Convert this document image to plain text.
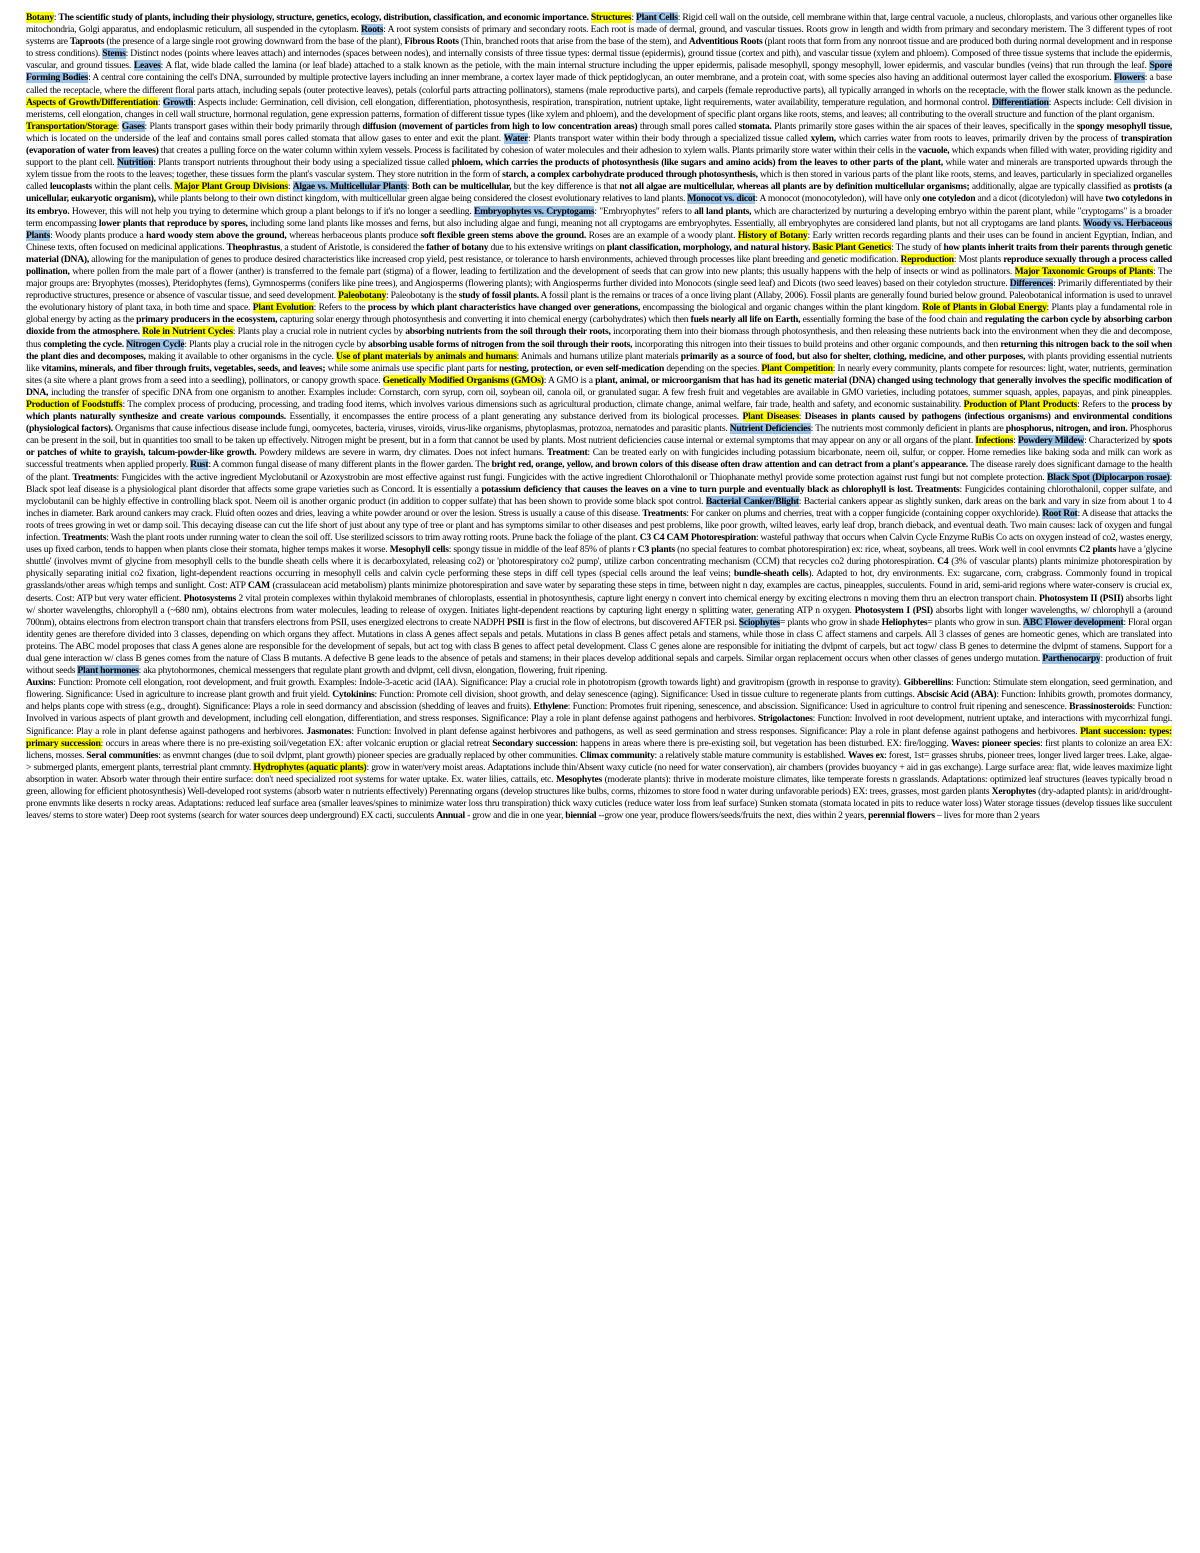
Botany: The scientific study of plants, including their physiology, structure, genetics, ecology, distribution, classification, and economic importance. Structures: Plant Cells: Rigid cell wall on the outside, cell membrane within that, large central vacuole, a nucleus, chloroplasts, and various other organelles like mitochondria, Golgi apparatus, and endoplasmic reticulum, all suspended in the cytoplasm. Roots: A root system consists of primary and secondary roots. Each root is made of dermal, ground, and vascular tissues. Roots grow in length and width from primary and secondary meristem. The 3 different types of root systems are Taproots (the presence of a large single root growing downward from the base of the plant), Fibrous Roots (Thin, branched roots that arise from the base of the stem), and Adventitious Roots (plant roots that form from any nonroot tissue and are produced both during normal development and in response to stress conditions). Stems: Distinct nodes (points where leaves attach) and internodes (spaces between nodes), and internally consists of three tissue types: dermal tissue (epidermis), ground tissue (cortex and pith), and vascular tissue (xylem and phloem). Composed of three tissue systems that include the epidermis, vascular, and ground tissues. Leaves: A flat, wide blade called the lamina (or leaf blade) attached to a stalk known as the petiole, with the main internal structure including the upper epidermis, palisade mesophyll, spongy mesophyll, lower epidermis, and vascular bundles (veins) that run through the leaf. Spore Forming Bodies: A central core containing the cell's DNA, surrounded by multiple protective layers including an inner membrane, a cortex layer made of thick peptidoglycan, an outer membrane, and a protein coat, with some species also having an additional outermost layer called the exosporium. Flowers: a base called the receptacle, where the different floral parts attach, including sepals (outer protective leaves), petals (colorful parts attracting pollinators), stamens (male reproductive parts), and carpels (female reproductive parts), all typically arranged in whorls on the receptacle, with the flower stalk known as the peduncle. Aspects of Growth/Differentiation: Growth: Aspects include: Germination, cell division, cell elongation, differentiation, photosynthesis, respiration, transpiration, nutrient uptake, light requirements, water availability, temperature regulation, and hormonal control. Differentiation: Aspects include: Cell division in meristems, cell elongation, changes in cell wall structure, hormonal regulation, gene expression patterns, formation of different tissue types (like xylem and phloem), and the development of specific plant organs like roots, stems, and leaves; all contributing to the overall structure and function of the plant organism.

Transportation/Storage: Gases: Plants transport gases within their body primarily through diffusion (movement of particles from high to low concentration areas) through small pores called stomata. Plants primarily store gases within the air spaces of their leaves, specifically in the spongy mesophyll tissue, which is located on the underside of the leaf and contains small pores called stomata that allow gases to enter and exit the plant. Water: Plants transport water within their body through a specialized tissue called xylem, which carries water from roots to leaves, primarily driven by the process of transpiration (evaporation of water from leaves) that creates a pulling force on the water column within xylem vessels. Process is facilitated by cohesion of water molecules and their adhesion to xylem walls. Plants primarily store water within their cells in the vacuole, which expands when filled with water, providing rigidity and support to the plant cell. Nutrition: Plants transport nutrients throughout their body using a specialized tissue called phloem, which carries the products of photosynthesis (like sugars and amino acids) from the leaves to other parts of the plant, while water and minerals are transported upwards through the xylem tissue from the roots to the leaves; together, these tissues form the plant's vascular system. They store nutrition in the form of starch, a complex carbohydrate produced through photosynthesis, which is then stored in various parts of the plant like roots, stems, and leaves, particularly in specialized organelles called leucoplasts within the plant cells. Major Plant Group Divisions: Algae vs. Multicellular Plants: Both can be multicellular, but the key difference is that not all algae are multicellular, whereas all plants are by definition multicellular organisms; additionally, algae are typically classified as protists (a unicellular, eukaryotic organism), while plants belong to their own distinct kingdom, with multicellular green algae being considered the closest evolutionary relatives to land plants. Monocot vs. dicot: A monocot (monocotyledon), will have only one cotyledon and a dicot (dicotyledon) will have two cotyledons in its embryo. However, this will not help you trying to determine which group a plant belongs to if it's no longer a seedling. Embryophytes vs. Cryptogams: "Embryophytes" refers to all land plants, which are characterized by nurturing a developing embryo within the parent plant, while "cryptogams" is a broader term encompassing lower plants that reproduce by spores, including some land plants like mosses and ferns, but also including algae and fungi, meaning not all cryptogams are embryophytes. Essentially, all embryophytes are considered land plants, but not all cryptogams are land plants. Woody vs. Herbaceous Plants: Woody plants produce a hard woody stem above the ground, whereas herbaceous plants produce soft flexible green stems above the ground. Roses are an example of a woody plant. History of Botany: Early written records regarding plants and their uses can be found in ancient Egyptian, Indian, and Chinese texts, often focused on medicinal applications. Theophrastus, a student of Aristotle, is considered the father of botany due to his extensive writings on plant classification, morphology, and natural history. Basic Plant Genetics: The study of how plants inherit traits from their parents through genetic material (DNA), allowing for the manipulation of genes to produce desired characteristics like increased crop yield, pest resistance, or tolerance to harsh environments, achieved through processes like plant breeding and genetic modification. Reproduction: Most plants reproduce sexually through a process called pollination, where pollen from the male part of a flower (anther) is transferred to the female part (stigma) of a flower, leading to fertilization and the development of seeds that can grow into new plants; this usually happens with the help of insects or wind as pollinators. Major Taxonomic Groups of Plants: The major groups are: Bryophytes (mosses), Pteridophytes (ferns), Gymnosperms (conifers like pine trees), and Angiosperms (flowering plants); with Angiosperms further divided into Monocots (single seed leaf) and Dicots (two seed leaves) based on their cotyledon structure. Differences: Primarily differentiated by their reproductive structures, presence or absence of vascular tissue, and seed development. Paleobotany: Paleobotany is the study of fossil plants. A fossil plant is the remains or traces of a once living plant (Allaby, 2006). Fossil plants are generally found buried below ground. Paleobotanical information is used to unravel the evolutionary history of plant taxa, in both time and space. Plant Evolution: Refers to the process by which plant characteristics have changed over generations, encompassing the biological and organic changes within the plant kingdom. Role of Plants in Global Energy: Plants play a fundamental role in global energy by acting as the primary producers in the ecosystem, capturing solar energy through photosynthesis and converting it into chemical energy (carbohydrates) which then fuels nearly all life on Earth, essentially forming the base of the food chain and regulating the carbon cycle by absorbing carbon dioxide from the atmosphere. Role in Nutrient Cycles: Plants play a crucial role in nutrient cycles by absorbing nutrients from the soil through their roots, incorporating them into their biomass through photosynthesis, and then releasing these nutrients back into the environment when they die and decompose, thus completing the cycle. Nitrogen Cycle: Plants play a crucial role in the nitrogen cycle by absorbing usable forms of nitrogen from the soil through their roots, incorporating this nitrogen into their tissues to build proteins and other organic compounds, and then returning this nitrogen back to the soil when the plant dies and decomposes, making it available to other organisms in the cycle. Use of plant materials by animals and humans: Animals and humans utilize plant materials primarily as a source of food, but also for shelter, clothing, medicine, and other purposes, with plants providing essential nutrients like vitamins, minerals, and fiber through fruits, vegetables, seeds, and leaves; while some animals use specific plant parts for nesting, protection, or even self-medication depending on the species. Plant Competition: In nearly every community, plants compete for resources: light, water, nutrients, germination sites (a site where a plant grows from a seed into a seedling), pollinators, or canopy growth space. Genetically Modified Organisms (GMOs): A GMO is a plant, animal, or microorganism that has had its genetic material (DNA) changed using technology that generally involves the specific modification of DNA, including the transfer of specific DNA from one organism to another. Examples include: Cornstarch, corn syrup, corn oil, soybean oil, canola oil, or granulated sugar. A few fresh fruit and vegetables are available in GMO varieties, including potatoes, summer squash, apples, papayas, and pink pineapples. Production of Foodstuffs: The complex process of producing, processing, and trading food items, which involves various dimensions such as agricultural production, climate change, animal welfare, fair trade, health and safety, and economic sustainability. Production of Plant Products: Refers to the process by which plants naturally synthesize and create various compounds. Essentially, it encompasses the entire process of a plant generating any substance derived from its biological processes. Plant Diseases: Diseases in plants caused by pathogens (infectious organisms) and environmental conditions (physiological factors). Organisms that cause infectious disease include fungi, oomycetes, bacteria, viruses, viroids, virus-like organisms, phytoplasmas, protozoa, nematodes and parasitic plants. Nutrient Deficiencies: The nutrients most commonly deficient in plants are phosphorus, nitrogen, and iron. Phosphorus can be present in the soil, but in quantities too small to be taken up effectively. Nitrogen might be present, but in a form that cannot be used by plants. Most nutrient deficiencies cause internal or external symptoms that may appear on any or all organs of the plant. Infections: Powdery Mildew: Characterized by spots or patches of white to grayish, talcum-powder-like growth. Powdery mildews are severe in warm, dry climates. Does not infect humans. Treatment: Can be treated early on with fungicides including potassium bicarbonate, neem oil, sulfur, or copper. Home remedies like baking soda and milk can work as successful treatments when applied properly. Rust: A common fungal disease of many different plants in the flower garden. The bright red, orange, yellow, and brown colors of this disease often draw attention and can detract from a plant's appearance. The disease rarely does significant damage to the health of the plant. Treatments: Fungicides with the active ingredient Myclobutanil or Azoxystrobin are most effective against rust fungi. Fungicides with the active ingredient Chlorothalonil or Thiophanate methyl provide some protection against rust fungi but not complete protection. Black Spot (Diplocarpon rosae): Black spot leaf disease is a physiological plant disorder that affects some grape varieties such as Concord. It is essentially a potassium deficiency that causes the leaves on a vine to turn purple and eventually black as chlorophyll is lost. Treatments: Fungicides containing chlorothalonil, copper sulfate, and myclobutanil can be highly effective in controlling black spot. Neem oil is another organic product (in addition to copper sulfate) that has been shown to provide some black spot control. Bacterial Canker/Blight: Bacterial cankers appear as slightly sunken, dark areas on the bark and vary in size from about 1 to 4 inches in diameter. Bark around cankers may crack. Fluid often oozes and dries, leaving a white powder around or over the lesion. Stress is usually a cause of this disease. Treatments: For canker on plums and cherries, treat with a copper fungicide (containing copper oxychloride). Root Rot: A disease that attacks the roots of trees growing in wet or damp soil. This decaying disease can cut the life short of just about any type of tree or plant and has symptoms similar to other diseases and pest problems, like poor growth, wilted leaves, early leaf drop, branch dieback, and eventual death. Two main causes: lack of oxygen and fungal infection. Treatments: Wash the plant roots under running water to clean the soil off. Use sterilized scissors to trim away rotting roots. Prune back the foliage of the plant. C3 C4 CAM Photorespiration: wasteful pathway that occurs when Calvin Cycle Enzyme RuBis Co acts on oxygen instead of co2, wastes energy, uses up fixed carbon, tends to happen when plants close their stomata, higher temps makes it worse. Mesophyll cells: spongy tissue in middle of the leaf 85% of plants r C3 plants (no special features to combat photorespiration) ex: rice, wheat, soybeans, all trees. Work well in cool envmnts C2 plants have a 'glycine shuttle' (involves mvmt of glycine from mesophyll cells to the bundle sheath cells where it is decarboxylated, releasing co2) or 'photorespiratory co2 pump', utilize carbon concentrating mechanism (CCM) that recycles co2 during photorespiration. C4 (3% of vascular plants) plants minimize photorespiration by physically separating initial co2 fixation, light-dependent reactions occurring in mesophyll cells and calvin cycle performing these steps in diff cell types (special cells around the leaf veins; bundle-sheath cells). Adapted to hot, dry environments. Ex: sugarcane, corn, crabgrass. Commonly found in tropical grasslands/other areas w/high temps and sunlight. Cost: ATP CAM (crassulacean acid metabolism) plants minimize photorespiration and save water by separating these steps in time, between night n day, examples are cactus, pineapples, succulents. Found in arid, semi-arid regions where water-conserv is crucial ex, deserts. Cost: ATP but very water efficient. Photosystems 2 vital protein complexes within thylakoid membranes of chloroplasts, essential in photosynthesis, capture light energy n convert into chemical energy by exciting electrons n moving them thru an electron transport chain. Photosystem II (PSII) absorbs light w/ shorter wavelengths, chlorophyll a (~680 nm), obtains electrons from water molecules, leading to release of oxygen. Initiates light-dependent reactions by capturing light energy n splitting water, generating ATP n oxygen. Photosystem I (PSI) absorbs light with longer wavelengths, w/ chlorophyll a (around 700nm), obtains electrons from electron transport chain that transfers electrons from PSII, uses energized electrons to create NADPH PSII is first in the flow of electrons, but discovered AFTER psi. Sciophytes= plants who grow in shade Heliophytes= plants who grow in sun. ABC Flower development: Floral organ identity genes are therefore divided into 3 classes, depending on which organs they affect. Mutations in class A genes affect sepals and petals. Mutations in class B genes affect petals and stamens, while those in class C affect stamens and carpels. All 3 classes of genes are homeotic genes, which are translated into proteins. The ABC model proposes that class A genes alone are responsible for the development of sepals, but act tog with class B genes to affect petal development. Class C genes alone are responsible for initiating the dvlpmt of carpels, but act togw/ class B genes to determine the dvlpmt of stamens. Support for a dual gene interaction w/ class B genes comes from the nature of Class B mutants. A defective B gene leads to the absence of petals and stamens; in their places develop additional sepals and carpels. Similar organ replacement occurs when other classes of genes undergo mutation. Parthenocarpy: production of fruit without seeds Plant hormones: aka phytohormones, chemical messengers that regulate plant growth and dvlpmt, cell divsn, elongation, flowering, fruit ripening.

Auxins: Function: Promote cell elongation, root development, and fruit growth. Examples: Indole-3-acetic acid (IAA). Significance: Play a crucial role in phototropism (growth towards light) and gravitropism (growth in response to gravity). Gibberellins: Function: Stimulate stem elongation, seed germination, and flowering. Significance: Used in agriculture to increase plant growth and fruit yield. Cytokinins: Function: Promote cell division, shoot growth, and delay senescence (aging). Significance: Used in tissue culture to regenerate plants from cuttings. Abscisic Acid (ABA): Function: Inhibits growth, promotes dormancy, and helps plants cope with stress (e.g., drought). Significance: Plays a role in seed dormancy and abscission (shedding of leaves and fruits). Ethylene: Function: Promotes fruit ripening, senescence, and abscission. Significance: Used in agriculture to control fruit ripening and senescence. Brassinosteroids: Function: Involved in various aspects of plant growth and development, including cell elongation, differentiation, and stress responses. Significance: Play a role in plant defense against pathogens and herbivores. Strigolactones: Function: Involved in root development, nutrient uptake, and interactions with mycorrhizal fungi. Significance: Play a role in plant defense against pathogens and herbivores. Jasmonates: Function: Involved in plant defense against herbivores and pathogens, as well as seed germination and stress responses. Significance: Play a role in plant defense against pathogens and herbivores. Plant succession: types: primary succession: occurs in areas where there is no pre-existing soil/vegetation EX: after volcanic eruption or glacial retreat Secondary succession: happens in areas where there is pre-existing soil, but vegetation has been disturbed. EX: fire/logging. Waves: pioneer species: first plants to colonize an area EX: lichens, mosses. Seral communities: as envmnt changes (due to soil dvlpmt, plant growth) pioneer species are gradually replaced by other communities. Climax community: a relatively stable mature community is established. Waves ex: forest, 1st= grasses shrubs, pioneer trees, longer lived larger trees. Lake, algae-> submerged plants, emergent plants, terrestrial plant cmmnty. Hydrophytes (aquatic plants): grow in water/very moist areas. Adaptations include thin/Absent waxy cuticle (no need for water conservation), air chambers (provides buoyancy + aid in gas exchange). Large surface area: flat, wide leaves maximize light absorption in water. Absorb water through their entire surface: don't need specialized root systems for water uptake. Ex. water lilies, cattails, etc. Mesophytes (moderate plants): thrive in moderate moisture climates, like temperate forests n grasslands. Adaptations: optimized leaf structures (leaves typically broad n green, allowing for efficient photosynthesis) Well-developed root systems (absorb water n nutrients effectively) Perennating organs (develop structures like bulbs, corms, rhizomes to store food n water during unfavorable periods) EX: trees, grasses, most garden plants Xerophytes (dry-adapted plants): in arid/drought-prone envmnts like deserts n rocky areas. Adaptations: reduced leaf surface area (smaller leaves/spines to minimize water loss thru transpiration) thick waxy cuticles (reduce water loss from leaf surface) Sunken stomata (stomata located in pits to reduce water loss) Water storage tissues (develop tissues like succulent leaves/ stems to store water) Deep root systems (search for water sources deep underground) EX cacti, succulents Annual - grow and die in one year, biennial --grow one year, produce flowers/seeds/fruits the next, dies within 2 years, perennial flowers – lives for more than 2 years
